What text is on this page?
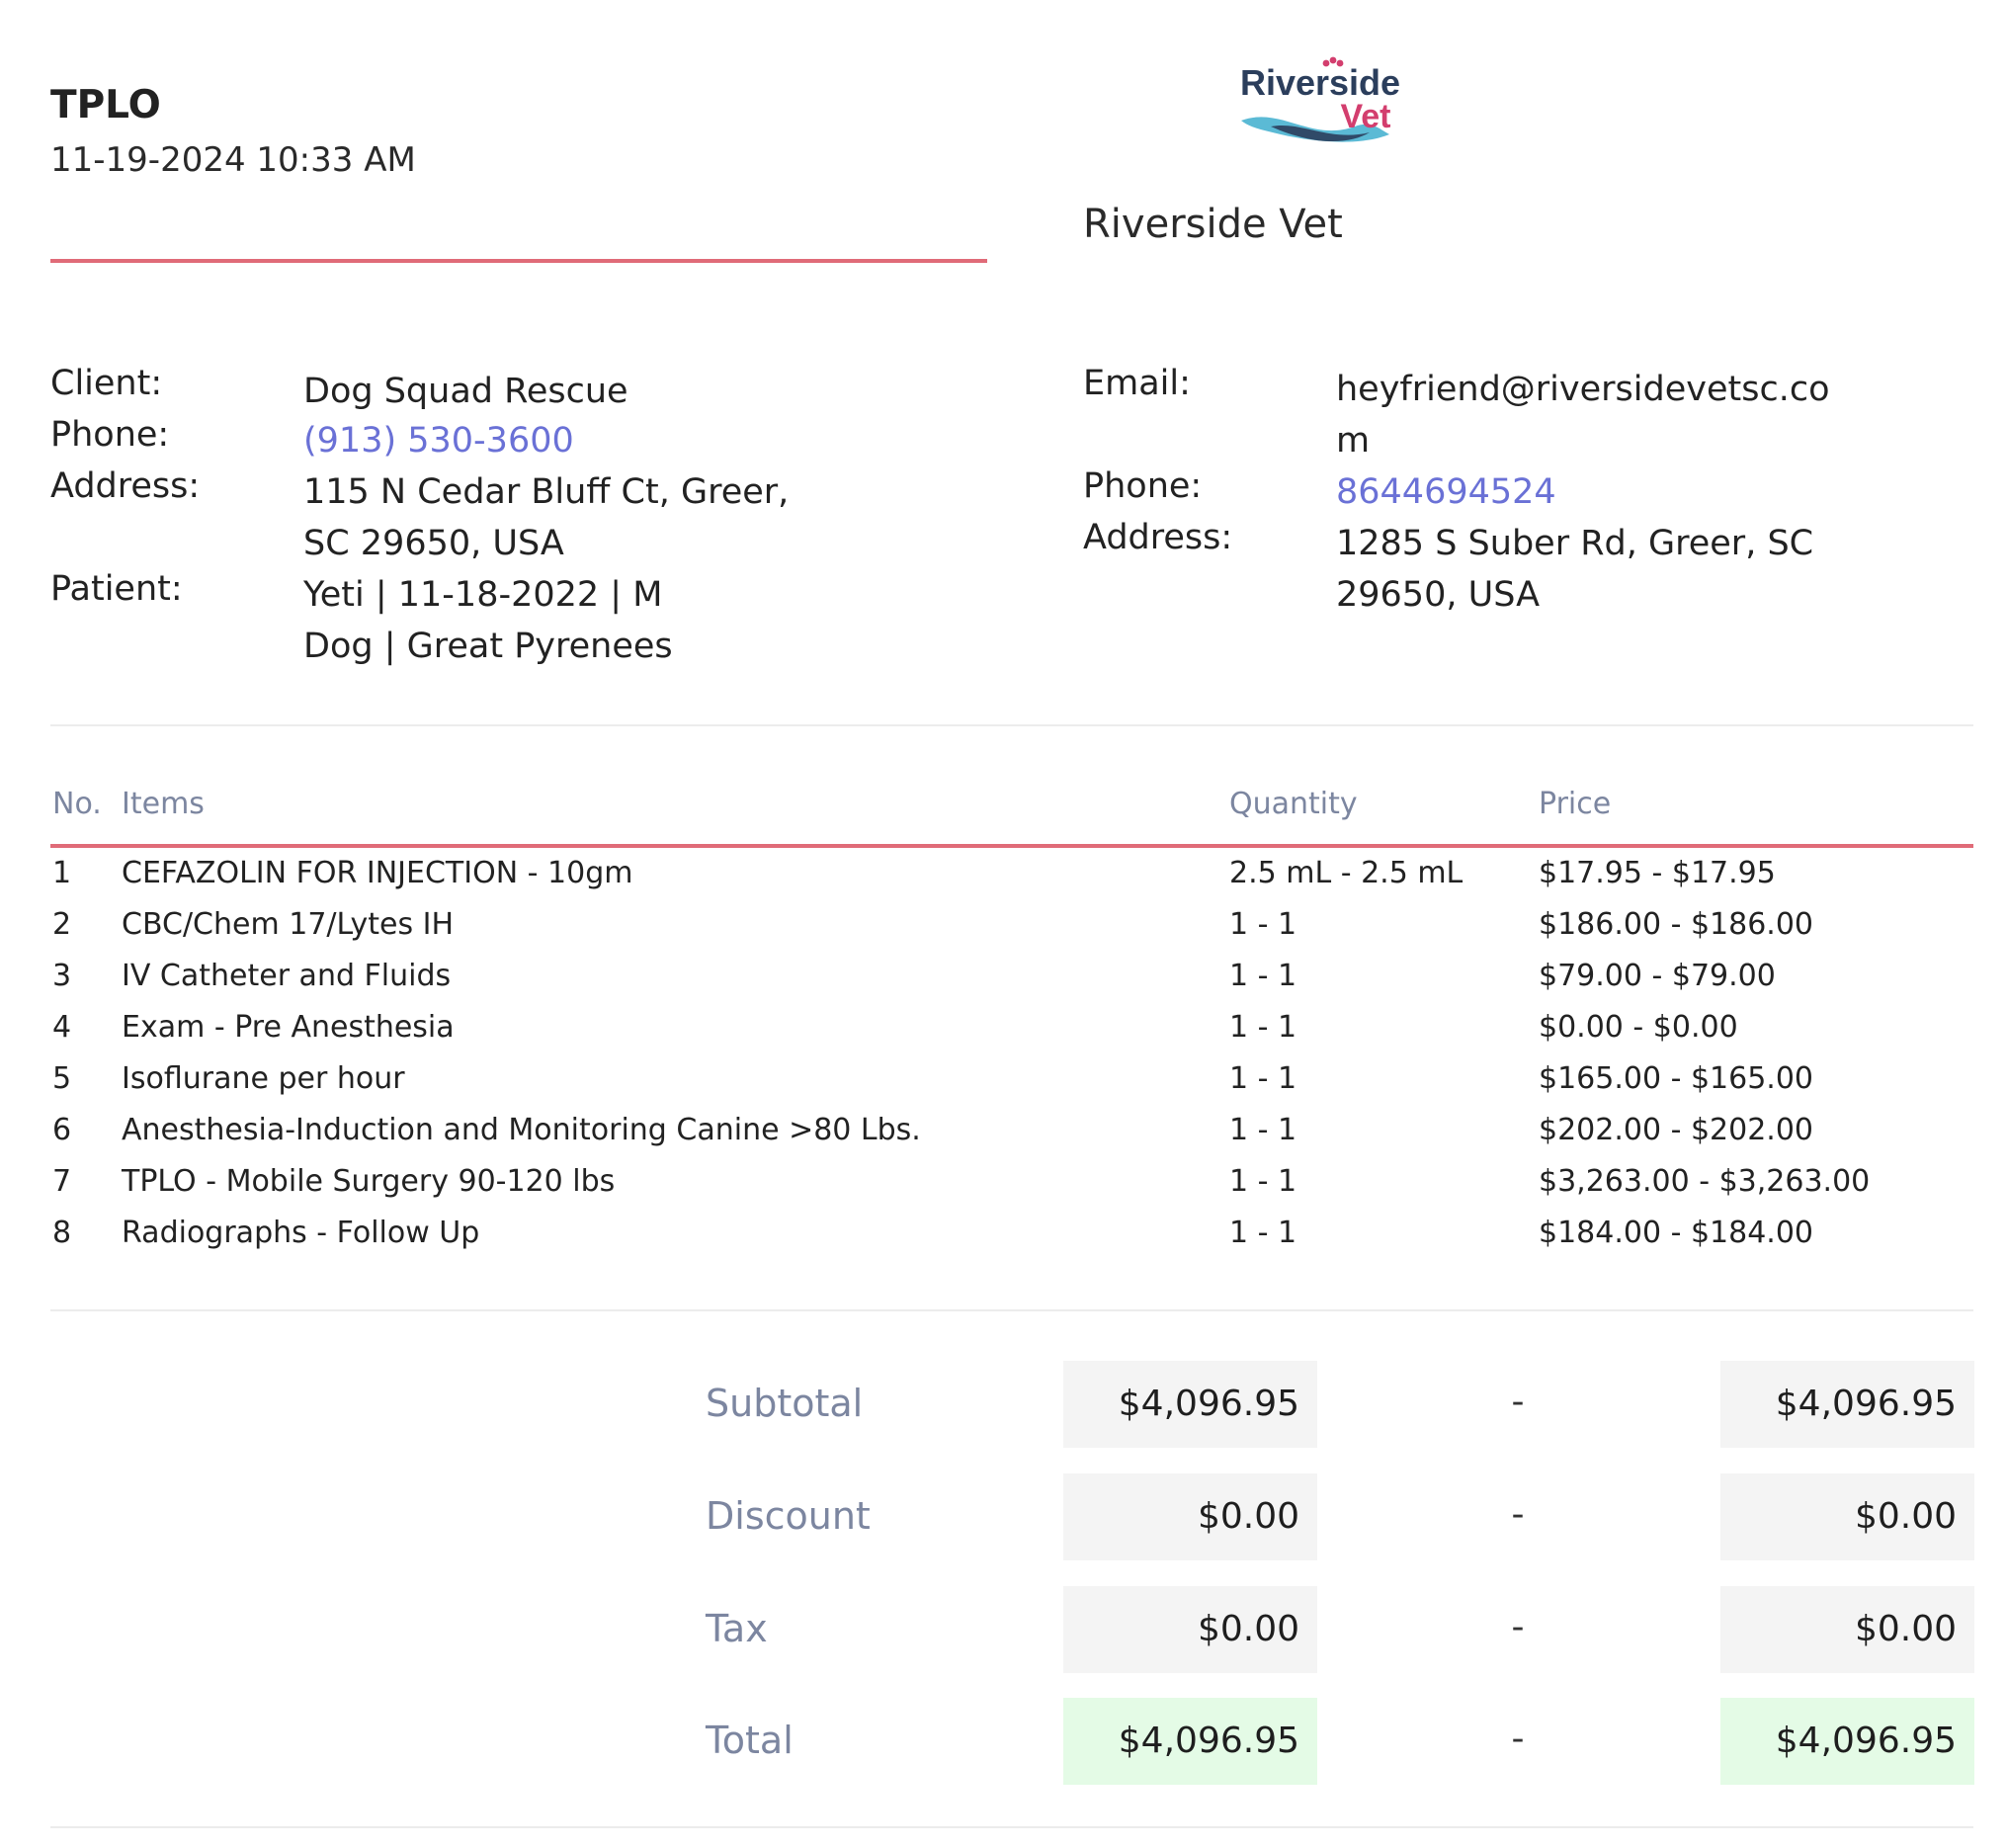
TPLO
11-19-2024 10:33 AM
Riverside
Vet
Riverside Vet
Client:	Dog Squad Rescue
Phone:	(913) 530-3600
Address:	115 N Cedar Bluff Ct, Greer,
SC 29650, USA
Patient:	Yeti | 11-18-2022 | M
Dog | Great Pyrenees
Email:	heyfriend@riversidevetsc.co
m
Phone:	8644694524
Address:	1285 S Suber Rd, Greer, SC
29650, USA
No. Items	Quantity	Price
1 CEFAZOLIN FOR INJECTION - 10gm	2.5 mL - 2.5 mL	$17.95 - $17.95
2 CBC/Chem 17/Lytes IH	1 - 1	$186.00 - $186.00
3 IV Catheter and Fluids	1 - 1	$79.00 - $79.00
4 Exam - Pre Anesthesia	1 - 1	$0.00 - $0.00
5 Isoflurane per hour	1 - 1	$165.00 - $165.00
6 Anesthesia-Induction and Monitoring Canine >80 Lbs.	1 - 1	$202.00 - $202.00
7 TPLO - Mobile Surgery 90-120 lbs	1 - 1	$3,263.00 - $3,263.00
8 Radiographs - Follow Up	1 - 1	$184.00 - $184.00
Subtotal	$4,096.95	-	$4,096.95
Discount	$0.00	-	$0.00
Tax	$0.00	-	$0.00
Total	$4,096.95	-	$4,096.95
